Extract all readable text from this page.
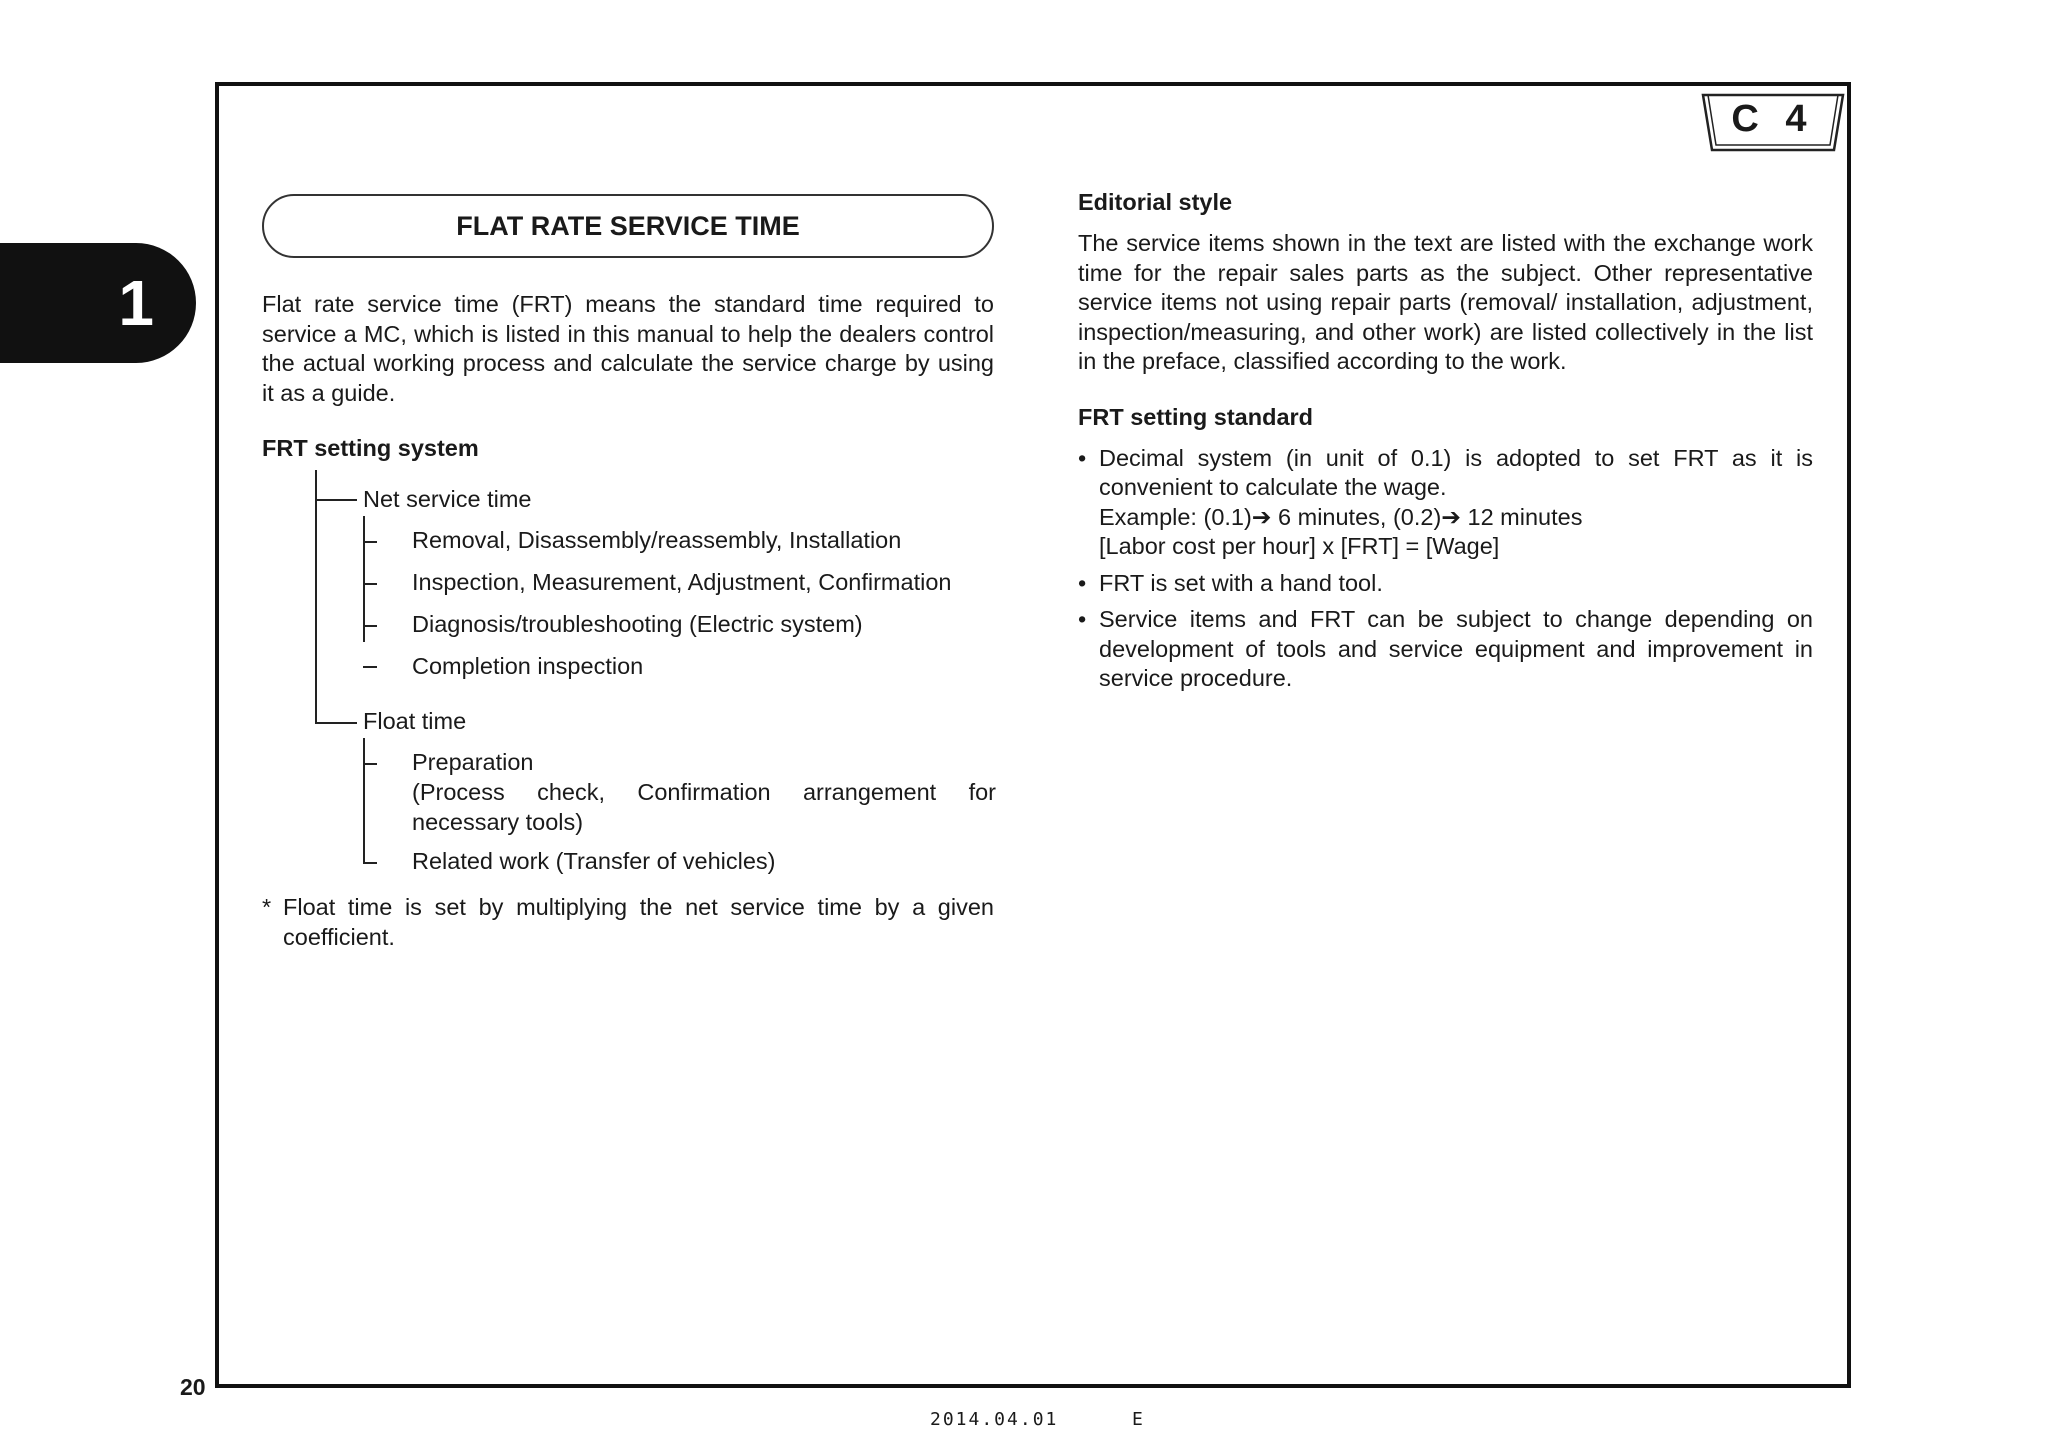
1
C 4
FLAT RATE SERVICE TIME

Flat rate service time (FRT) means the standard time required to service a MC, which is listed in this manual to help the dealers control the actual working process and calculate the service charge by using it as a guide.

FRT setting system
Net service time
Removal, Disassembly/reassembly, Installation
Inspection, Measurement, Adjustment, Confirmation
Diagnosis/troubleshooting (Electric system)
Completion inspection
Float time
Preparation
(Process check, Confirmation arrangement for necessary tools)
Related work (Transfer of vehicles)
* Float time is set by multiplying the net service time by a given coefficient.

Editorial style

The service items shown in the text are listed with the exchange work time for the repair sales parts as the subject. Other representative service items not using repair parts (removal/ installation, adjustment, inspection/measuring, and other work) are listed collectively in the list in the preface, classified according to the work.

FRT setting standard
• Decimal system (in unit of 0.1) is adopted to set FRT as it is convenient to calculate the wage.
Example: (0.1)➔ 6 minutes, (0.2)➔ 12 minutes
[Labor cost per hour] x [FRT] = [Wage]
• FRT is set with a hand tool.
• Service items and FRT can be subject to change depending on development of tools and service equipment and improvement in service procedure.
20
2014.04.01	E
